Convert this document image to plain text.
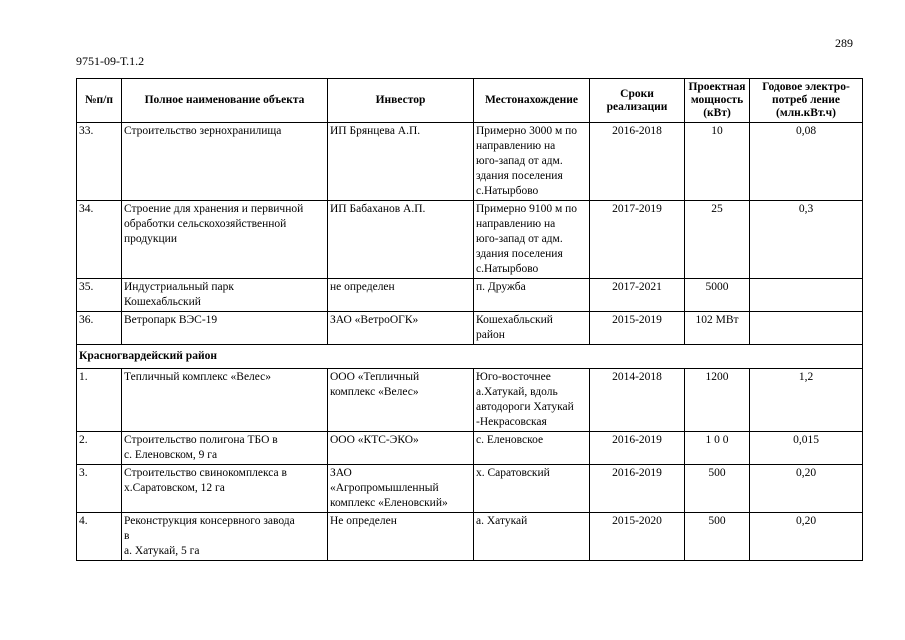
289
9751-09-Т.1.2
№п/п	Полное наименование объекта	Инвестор	Местонахождение	Сроки реализации	Проектная мощность (кВт)	Годовое электро-потреб ление (млн.кВт.ч)
33.	Строительство зернохранилища	ИП Брянцева А.П.	Примерно 3000 м по
направлению на
юго-запад от адм.
здания поселения
с.Натырбово	2016-2018	10	0,08
34.	Строение для хранения и первичной
обработки сельскохозяйственной
продукции	ИП Бабаханов А.П.	Примерно 9100 м по
направлению на
юго-запад от адм.
здания поселения
с.Натырбово	2017-2019	25	0,3
35.	Индустриальный парк
Кошехабльский	не определен	п. Дружба	2017-2021	5000	
36.	Ветропарк ВЭС-19	ЗАО «ВетроОГК»	Кошехабльский
район	2015-2019	102 МВт	
Красногвардейский район						
1.	Тепличный комплекс «Велес»	ООО «Тепличный
комплекс «Велес»	Юго-восточнее
а.Хатукай, вдоль
автодороги Хатукай
-Некрасовская	2014-2018	1200	1,2
2.	Строительство полигона ТБО в
с. Еленовском, 9 га	ООО «КТС-ЭКО»	с. Еленовское	2016-2019	1 0 0	0,015
3.	Строительство свинокомплекса в
х.Саратовском, 12 га	ЗАО
«Агропромышленный
комплекс «Еленовский»	х. Саратовский	2016-2019	500	0,20
4.	Реконструкция консервного завода
в
а. Хатукай, 5 га	Не определен	а. Хатукай	2015-2020	500	0,20
